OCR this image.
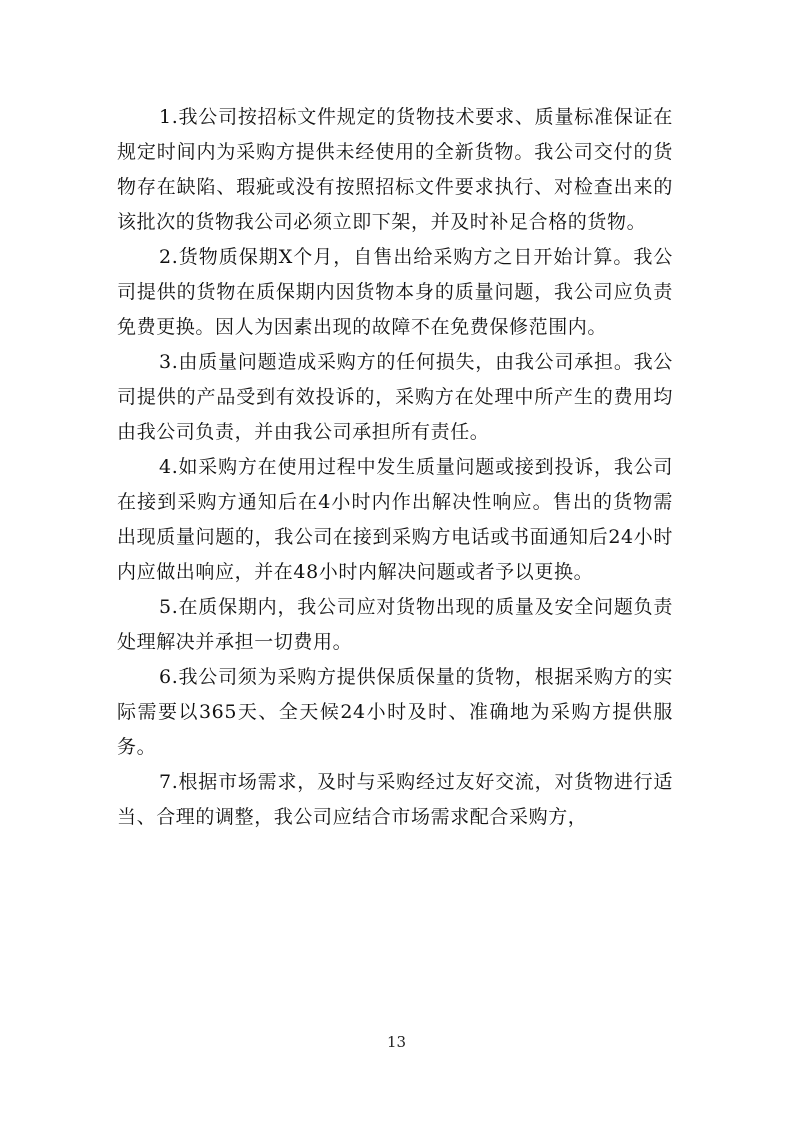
1.我公司按招标文件规定的货物技术要求、质量标准保证在规定时间内为采购方提供未经使用的全新货物。我公司交付的货物存在缺陷、瑕疵或没有按照招标文件要求执行、对检查出来的该批次的货物我公司必须立即下架，并及时补足合格的货物。

2.货物质保期X个月，自售出给采购方之日开始计算。我公司提供的货物在质保期内因货物本身的质量问题，我公司应负责免费更换。因人为因素出现的故障不在免费保修范围内。

3.由质量问题造成采购方的任何损失，由我公司承担。我公司提供的产品受到有效投诉的，采购方在处理中所产生的费用均由我公司负责，并由我公司承担所有责任。

4.如采购方在使用过程中发生质量问题或接到投诉，我公司在接到采购方通知后在4小时内作出解决性响应。售出的货物需出现质量问题的，我公司在接到采购方电话或书面通知后24小时内应做出响应，并在48小时内解决问题或者予以更换。

5.在质保期内，我公司应对货物出现的质量及安全问题负责处理解决并承担一切费用。

6.我公司须为采购方提供保质保量的货物，根据采购方的实际需要以365天、全天候24小时及时、准确地为采购方提供服务。

7.根据市场需求，及时与采购经过友好交流，对货物进行适当、合理的调整，我公司应结合市场需求配合采购方，

13
